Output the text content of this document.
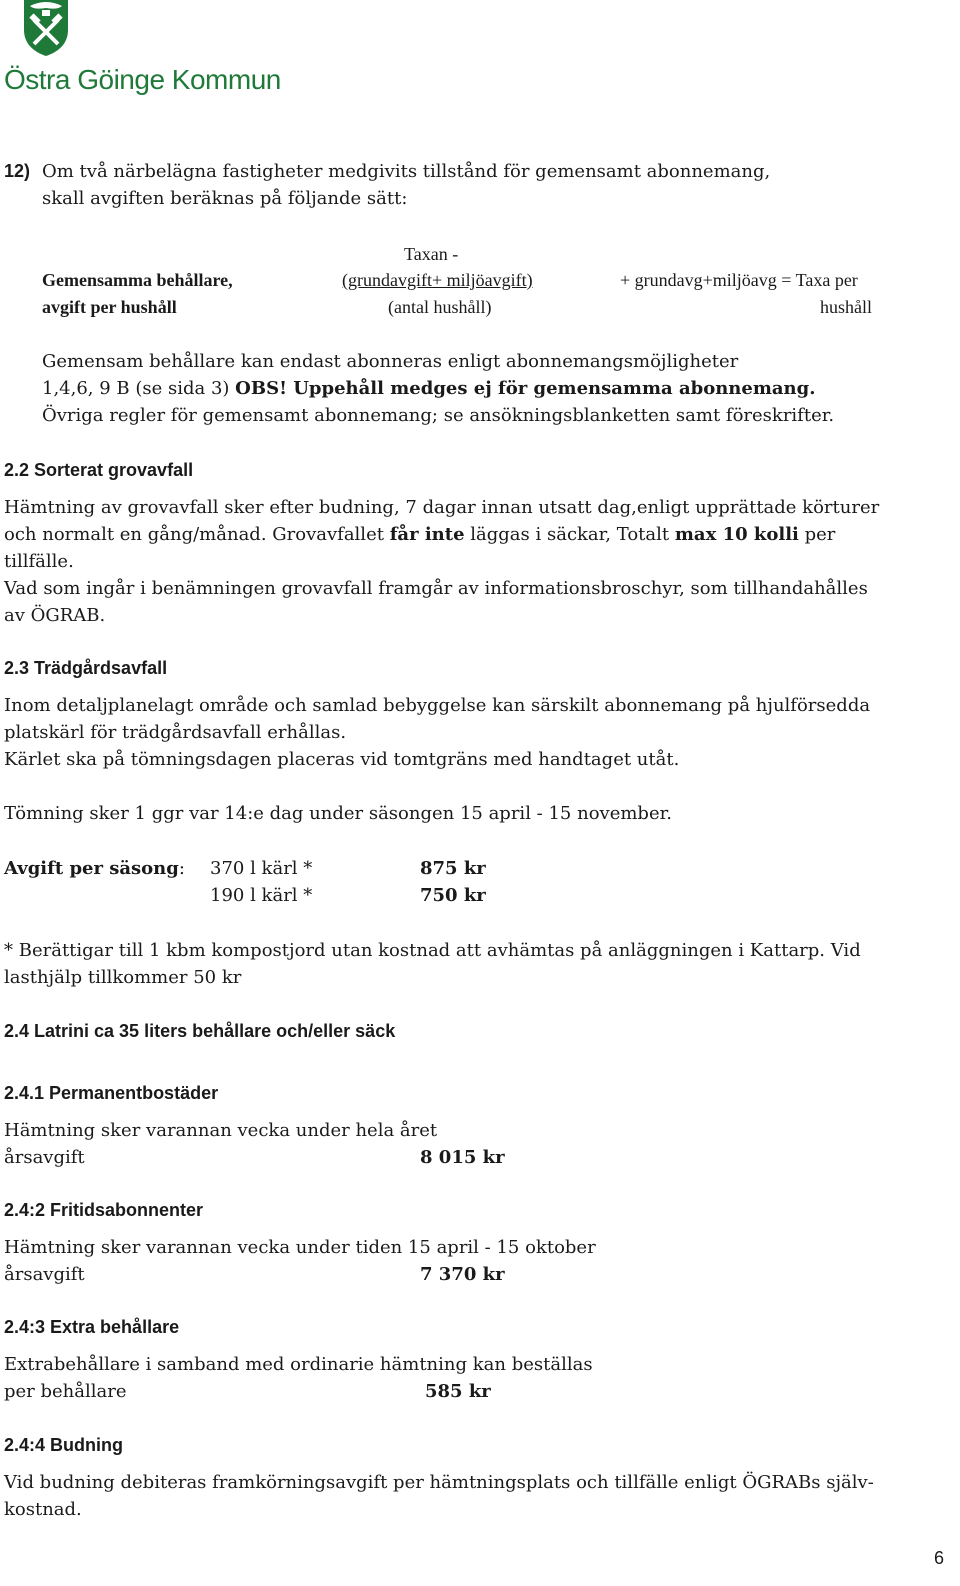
Östra Göinge Kommun
12) Om två närbelägna fastigheter medgivits tillstånd för gemensamt abonnemang,
skall avgiften beräknas på följande sätt:
Taxan -
Gemensamma behållare,
avgift per hushåll
(grundavgift+ miljöavgift)
(antal hushåll)
+ grundavg+miljöavg = Taxa per
hushåll
Gemensam behållare kan endast abonneras enligt abonnemangsmöjligheter
1,4,6, 9 B (se sida 3) OBS! Uppehåll medges ej för gemensamma abonnemang.
Övriga regler för gemensamt abonnemang; se ansökningsblanketten samt föreskrifter.
2.2 Sorterat grovavfall
Hämtning av grovavfall sker efter budning, 7 dagar innan utsatt dag,enligt upprättade körturer
och normalt en gång/månad. Grovavfallet får inte läggas i säckar, Totalt max 10 kolli per
tillfälle.
Vad som ingår i benämningen grovavfall framgår av informationsbroschyr, som tillhandahålles
av ÖGRAB.
2.3 Trädgårdsavfall
Inom detaljplanelagt område och samlad bebyggelse kan särskilt abonnemang på hjulförsedda
platskärl för trädgårdsavfall erhållas.
Kärlet ska på tömningsdagen placeras vid tomtgräns med handtaget utåt.
Tömning sker 1 ggr var 14:e dag under säsongen 15 april - 15 november.
Avgift per säsong: 370 l kärl *	875 kr
190 l kärl *	750 kr
* Berättigar till 1 kbm kompostjord utan kostnad att avhämtas på anläggningen i Kattarp. Vid
lasthjälp tillkommer 50 kr
2.4 Latrini ca 35 liters behållare och/eller säck
2.4.1 Permanentbostäder
Hämtning sker varannan vecka under hela året
årsavgift	8 015 kr
2.4:2 Fritidsabonnenter
Hämtning sker varannan vecka under tiden 15 april - 15 oktober
årsavgift	7 370 kr
2.4:3 Extra behållare
Extrabehållare i samband med ordinarie hämtning kan beställas
per behållare	585 kr
2.4:4 Budning
Vid budning debiteras framkörningsavgift per hämtningsplats och tillfälle enligt ÖGRABs själv-
kostnad.
6
